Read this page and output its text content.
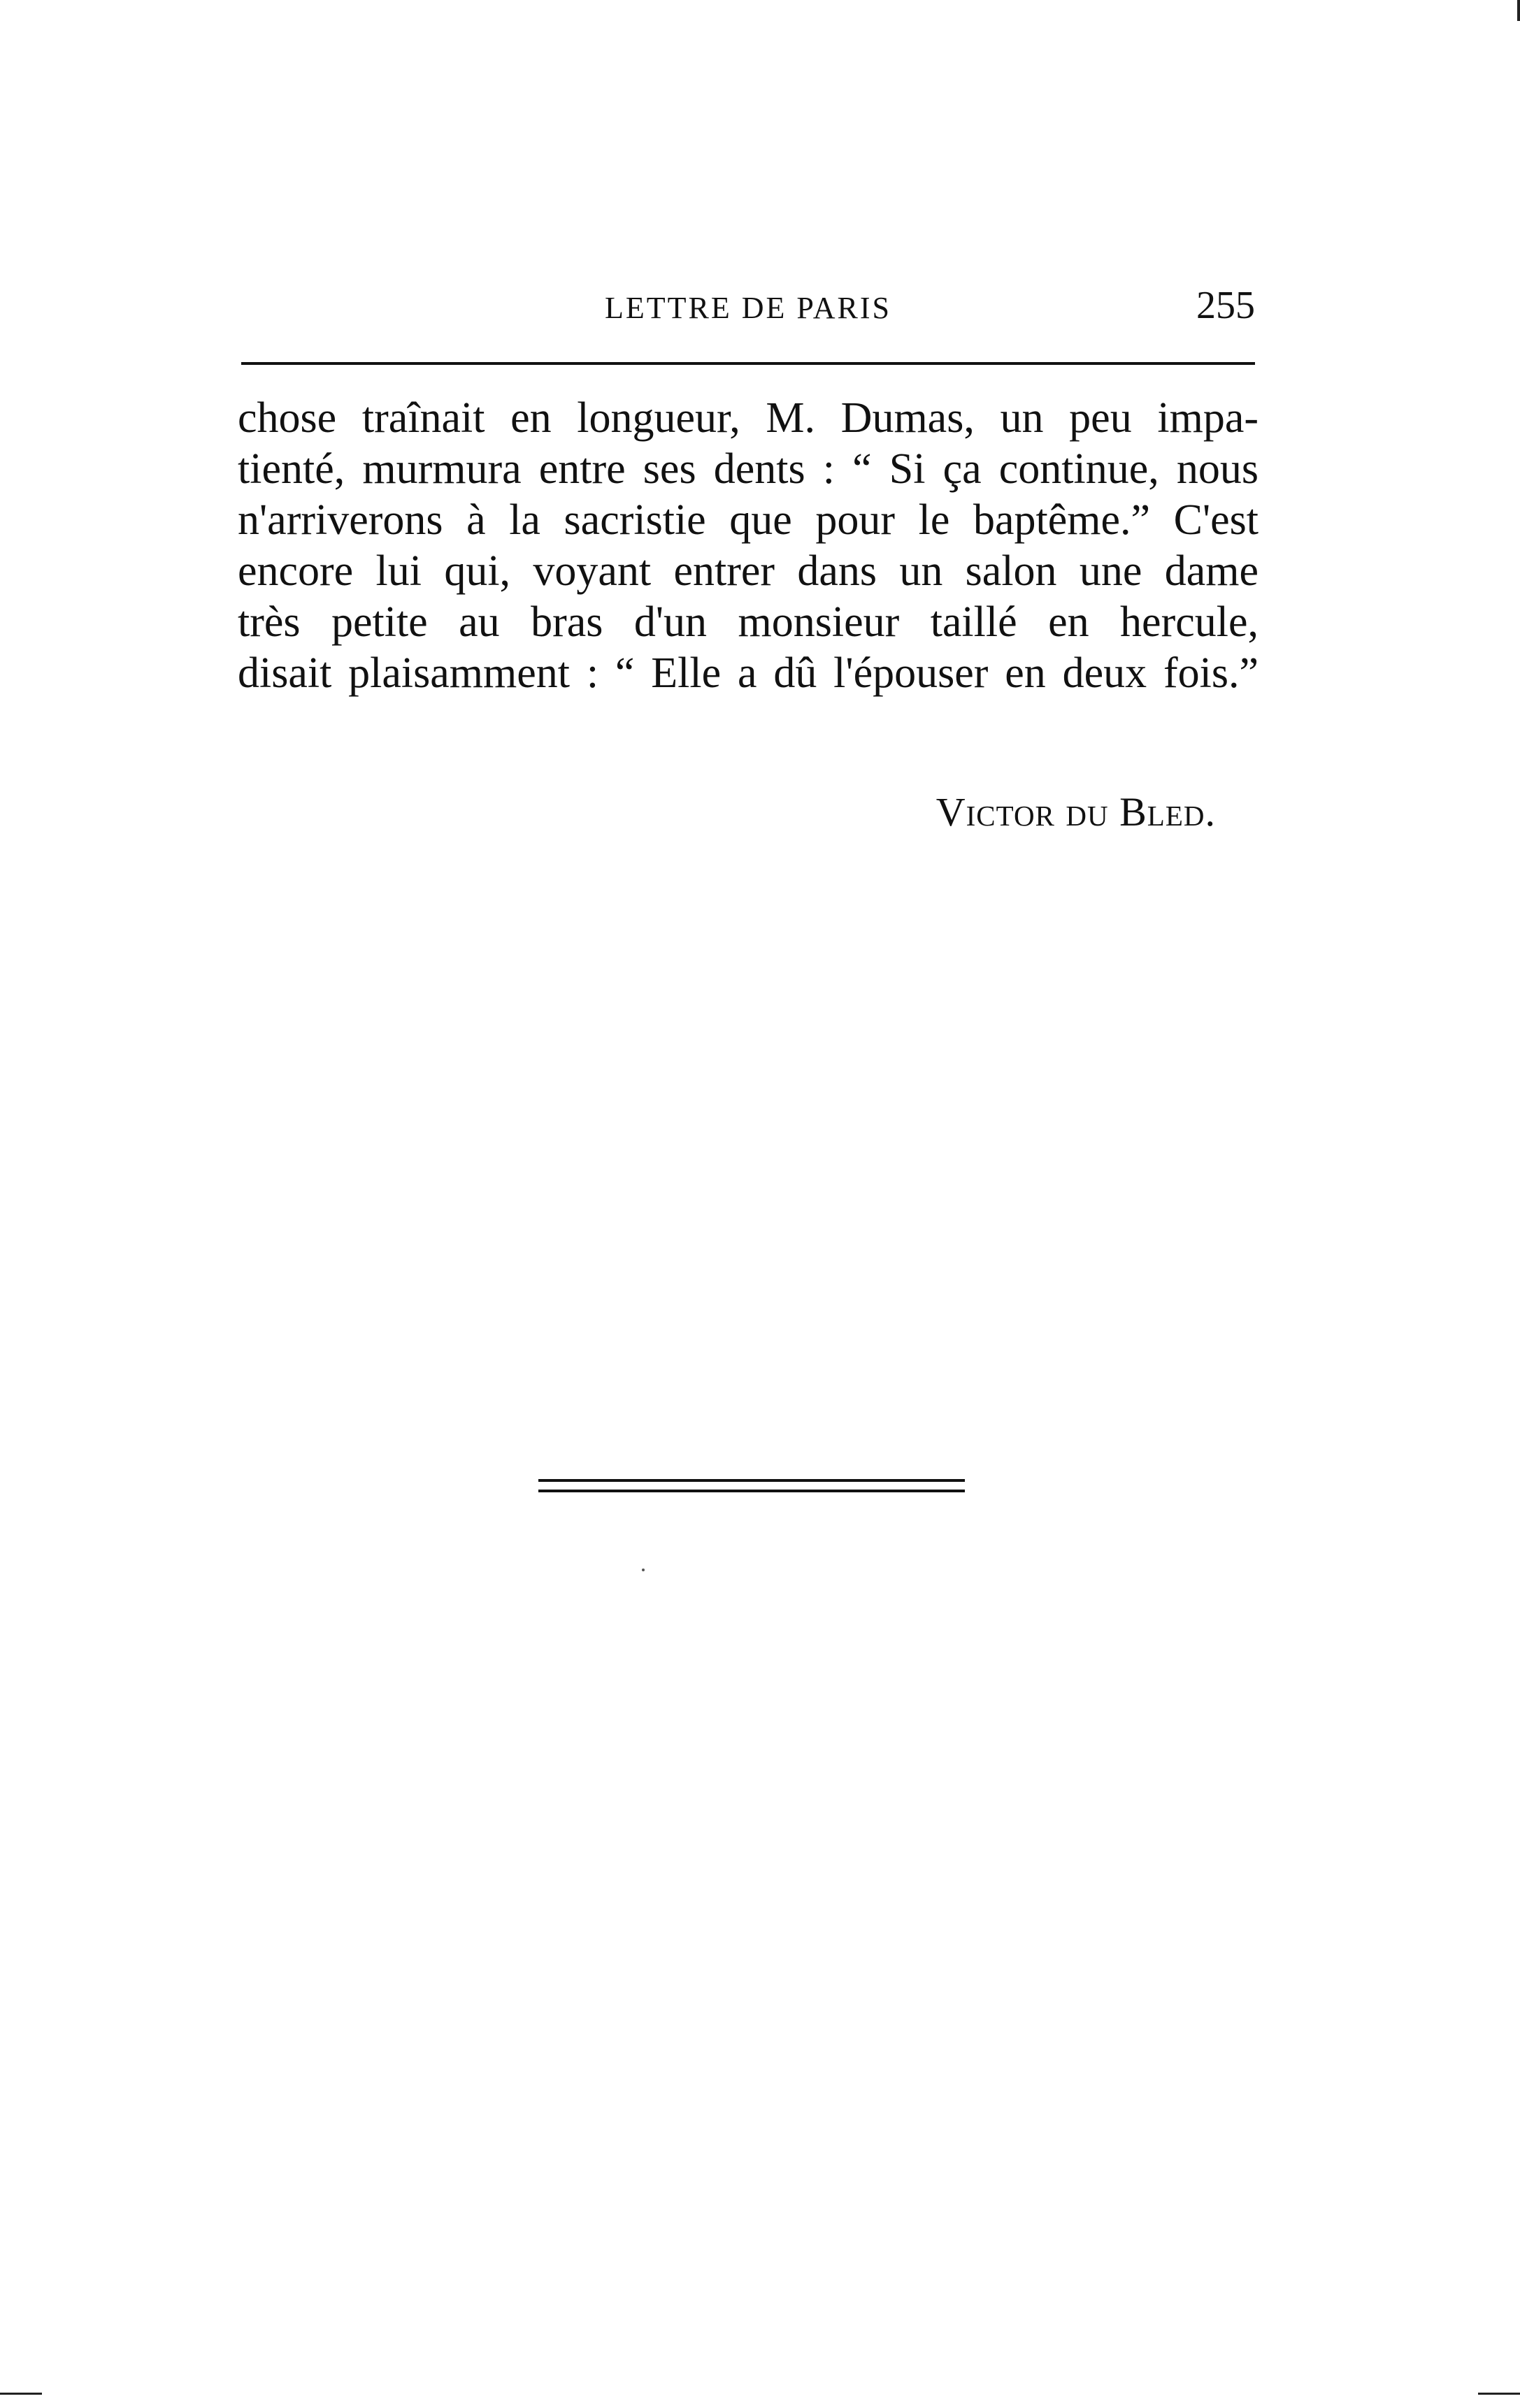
LETTRE DE PARIS	255
chose traînait en longueur, M. Dumas, un peu impa-
tienté, murmura entre ses dents : “ Si ça continue, nous
n'arriverons à la sacristie que pour le baptême.” C'est
encore lui qui, voyant entrer dans un salon une dame
très petite au bras d'un monsieur taillé en hercule,
disait plaisamment : “ Elle a dû l'épouser en deux fois.”
Victor du Bled.
